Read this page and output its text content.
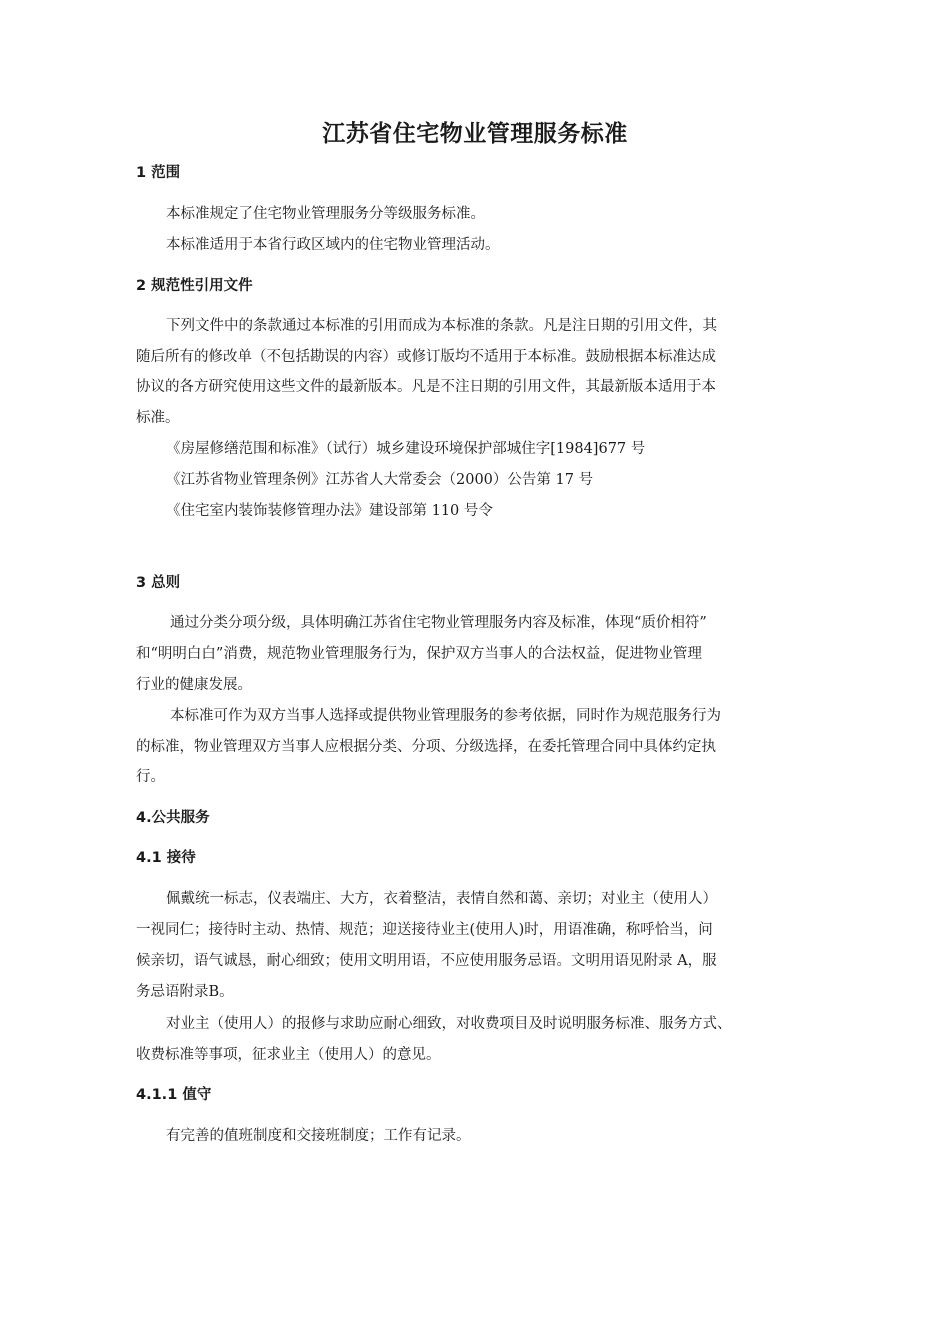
江苏省住宅物业管理服务标准
1 范围
本标准规定了住宅物业管理服务分等级服务标准。
本标准适用于本省行政区域内的住宅物业管理活动。
2 规范性引用文件
下列文件中的条款通过本标准的引用而成为本标准的条款。凡是注日期的引用文件，其
随后所有的修改单（不包括勘误的内容）或修订版均不适用于本标准。鼓励根据本标准达成
协议的各方研究使用这些文件的最新版本。凡是不注日期的引用文件，其最新版本适用于本
标准。
《房屋修缮范围和标准》（试行）城乡建设环境保护部城住字[1984]677 号
《江苏省物业管理条例》江苏省人大常委会（2000）公告第 17 号
《住宅室内装饰装修管理办法》建设部第 110 号令
3 总则
通过分类分项分级，具体明确江苏省住宅物业管理服务内容及标准，体现“质价相符”
和“明明白白”消费，规范物业管理服务行为，保护双方当事人的合法权益，促进物业管理
行业的健康发展。
本标准可作为双方当事人选择或提供物业管理服务的参考依据，同时作为规范服务行为
的标准，物业管理双方当事人应根据分类、分项、分级选择，在委托管理合同中具体约定执
行。
4.公共服务
4.1 接待
佩戴统一标志，仪表端庄、大方，衣着整洁，表情自然和蔼、亲切；对业主（使用人）
一视同仁；接待时主动、热情、规范；迎送接待业主(使用人)时，用语准确，称呼恰当，问
候亲切，语气诚恳，耐心细致；使用文明用语，不应使用服务忌语。文明用语见附录 A，服
务忌语附录B。
对业主（使用人）的报修与求助应耐心细致，对收费项目及时说明服务标准、服务方式、
收费标准等事项，征求业主（使用人）的意见。
4.1.1 值守
有完善的值班制度和交接班制度；工作有记录。
